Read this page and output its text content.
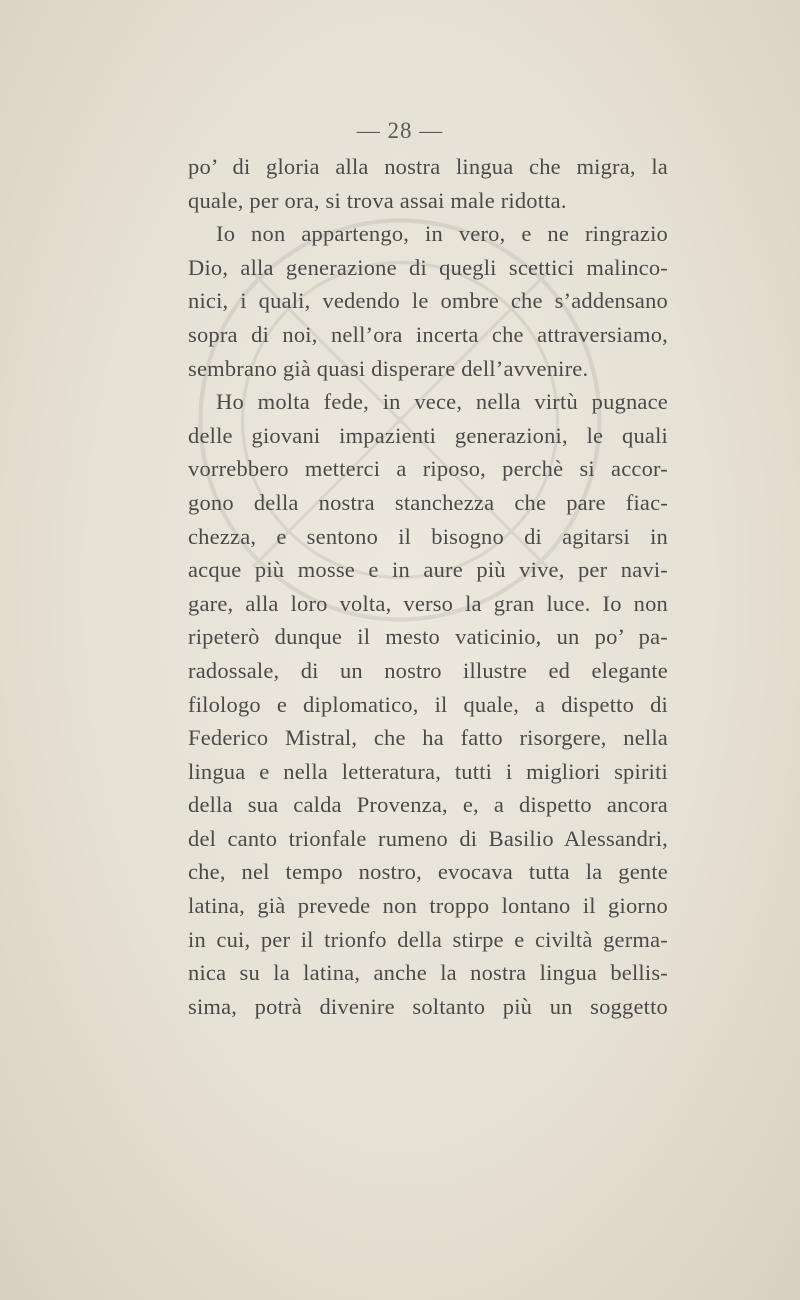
— 28 —
po’ di gloria alla nostra lingua che migra, la
quale, per ora, si trova assai male ridotta.
Io non appartengo, in vero, e ne ringrazio
Dio, alla generazione di quegli scettici malinco-
nici, i quali, vedendo le ombre che s’addensano
sopra di noi, nell’ora incerta che attraversiamo,
sembrano già quasi disperare dell’avvenire.
Ho molta fede, in vece, nella virtù pugnace
delle giovani impazienti generazioni, le quali
vorrebbero metterci a riposo, perchè si accor-
gono della nostra stanchezza che pare fiac-
chezza, e sentono il bisogno di agitarsi in
acque più mosse e in aure più vive, per navi-
gare, alla loro volta, verso la gran luce. Io non
ripeterò dunque il mesto vaticinio, un po’ pa-
radossale, di un nostro illustre ed elegante
filologo e diplomatico, il quale, a dispetto di
Federico Mistral, che ha fatto risorgere, nella
lingua e nella letteratura, tutti i migliori spiriti
della sua calda Provenza, e, a dispetto ancora
del canto trionfale rumeno di Basilio Alessandri,
che, nel tempo nostro, evocava tutta la gente
latina, già prevede non troppo lontano il giorno
in cui, per il trionfo della stirpe e civiltà germa-
nica su la latina, anche la nostra lingua bellis-
sima, potrà divenire soltanto più un soggetto
